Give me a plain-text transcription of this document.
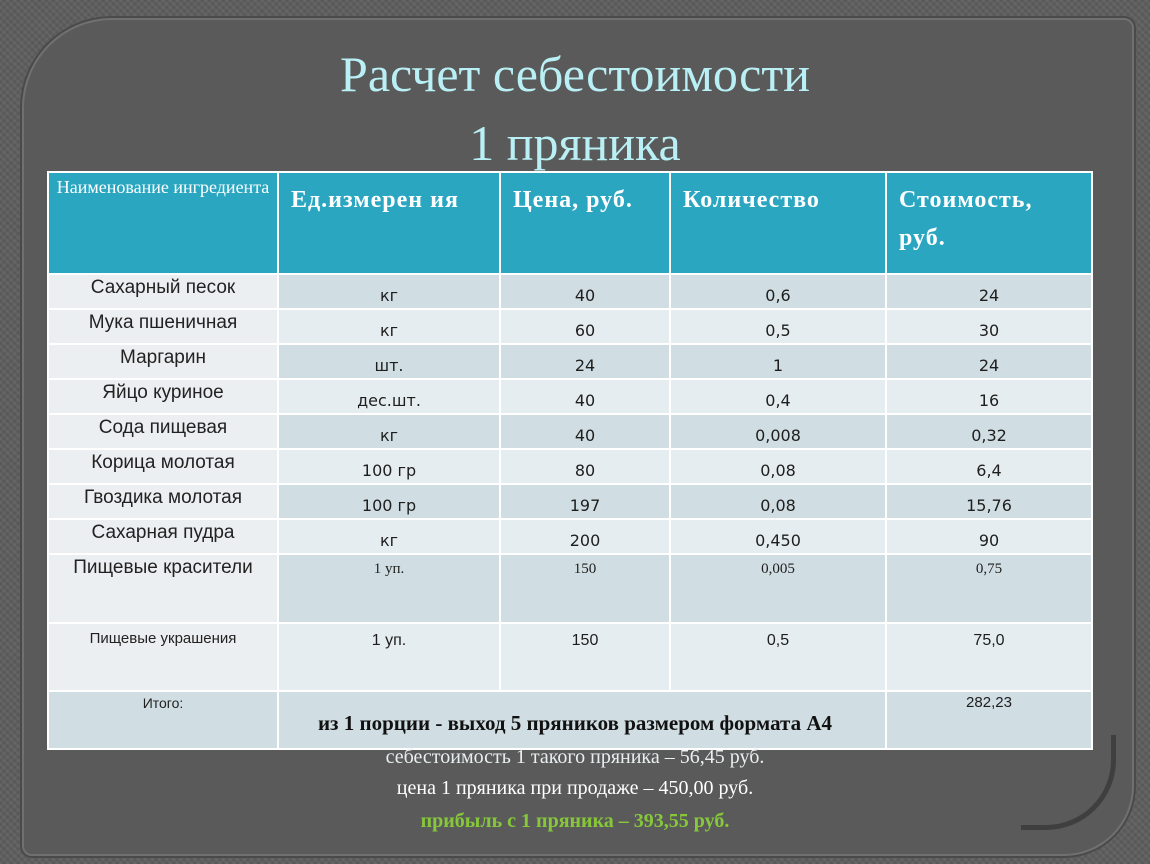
Расчет себестоимости
1 пряника
Наименование ингредиента	Ед.измерен ия	Цена, руб.	Количество	Стоимость, руб.
Сахарный песок	кг	40	0,6	24
Мука пшеничная	кг	60	0,5	30
Маргарин	шт.	24	1	24
Яйцо куриное	дес.шт.	40	0,4	16
Сода пищевая	кг	40	0,008	0,32
Корица молотая	100 гр	80	0,08	6,4
Гвоздика молотая	100 гр	197	0,08	15,76
Сахарная пудра	кг	200	0,450	90
Пищевые красители	1 уп.	150	0,005	0,75
Пищевые украшения	1 уп.	150	0,5	75,0
Итого:				282,23

из 1 порции - выход 5 пряников размером формата А4

себестоимость 1 такого пряника – 56,45 руб.

цена 1 пряника при продаже – 450,00 руб.

прибыль с 1 пряника – 393,55 руб.
